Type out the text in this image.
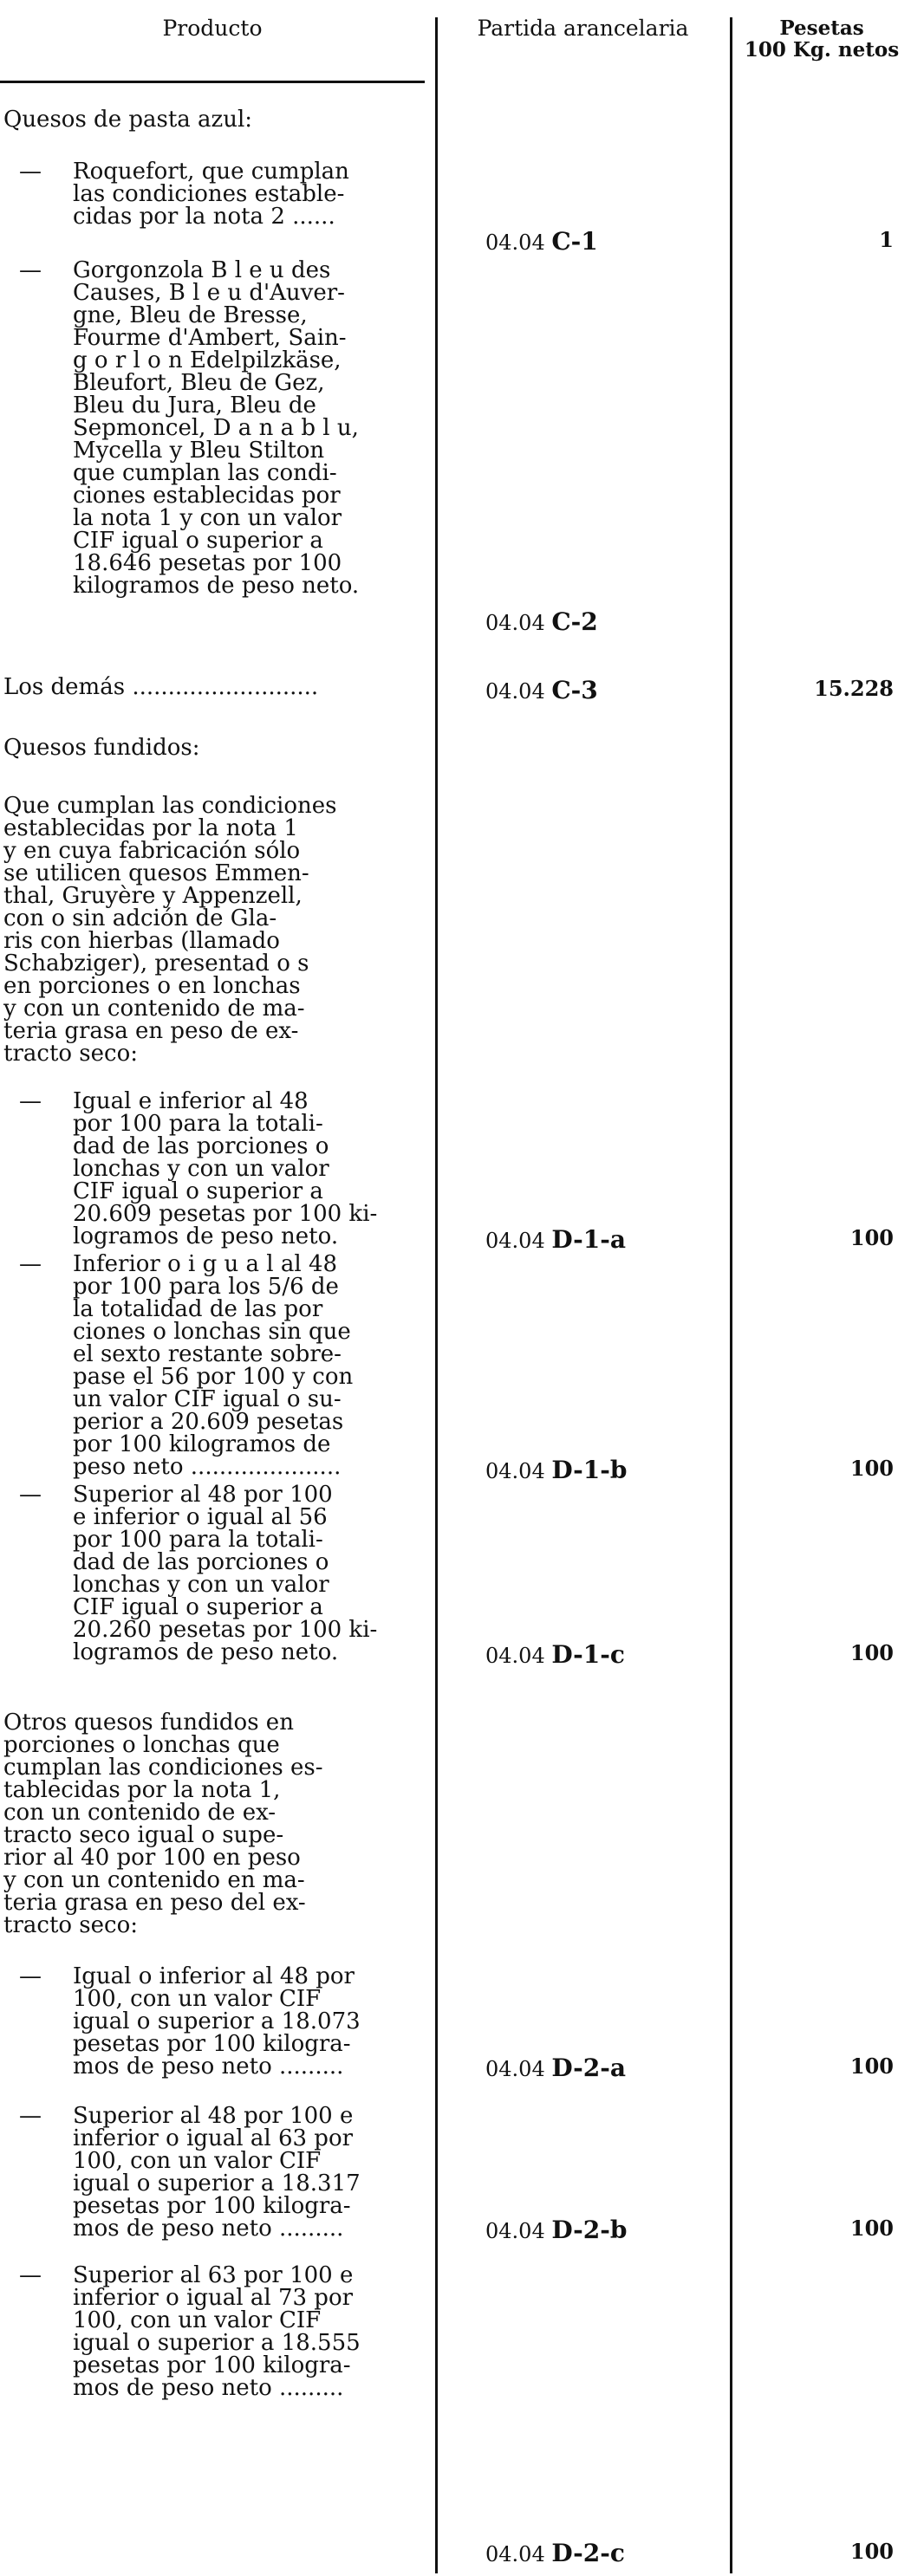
Producto	Partida arancelaria	Pesetas
100 Kg. netos
Quesos de pasta azul:
— Roquefort, que cumplan
las condiciones estable-
cidas por la nota 2 ......
04.04 C-1	1
— Gorgonzola B l e u des
Causes, B l e u d'Auver-
gne, Bleu de Bresse,
Fourme d'Ambert, Sain-
g o r l o n Edelpilzkäse,
Bleufort, Bleu de Gez,
Bleu du Jura, Bleu de
Sepmoncel, D a n a b l u,
Mycella y Bleu Stilton
que cumplan las condi-
ciones establecidas por
la nota 1 y con un valor
CIF igual o superior a
18.646 pesetas por 100
kilogramos de peso neto.
04.04 C-2
Los demás ..........................	04.04 C-3	15.228
Quesos fundidos:
Que cumplan las condiciones
establecidas por la nota 1
y en cuya fabricación sólo
se utilicen quesos Emmen-
thal, Gruyère y Appenzell,
con o sin adción de Gla-
ris con hierbas (llamado
Schabziger), presentad o s
en porciones o en lonchas
y con un contenido de ma-
teria grasa en peso de ex-
tracto seco:
— Igual e inferior al 48
por 100 para la totali-
dad de las porciones o
lonchas y con un valor
CIF igual o superior a
20.609 pesetas por 100 ki-
logramos de peso neto.	04.04 D-1-a	100
— Inferior o i g u a l al 48
por 100 para los 5/6 de
la totalidad de las por
ciones o lonchas sin que
el sexto restante sobre-
pase el 56 por 100 y con
un valor CIF igual o su-
perior a 20.609 pesetas
por 100 kilogramos de
peso neto .....................	04.04 D-1-b	100
— Superior al 48 por 100
e inferior o igual al 56
por 100 para la totali-
dad de las porciones o
lonchas y con un valor
CIF igual o superior a
20.260 pesetas por 100 ki-
logramos de peso neto.	04.04 D-1-c	100
Otros quesos fundidos en
porciones o lonchas que
cumplan las condiciones es-
tablecidas por la nota 1,
con un contenido de ex-
tracto seco igual o supe-
rior al 40 por 100 en peso
y con un contenido en ma-
teria grasa en peso del ex-
tracto seco:
— Igual o inferior al 48 por
100, con un valor CIF
igual o superior a 18.073
pesetas por 100 kilogra-
mos de peso neto .........	04.04 D-2-a	100
— Superior al 48 por 100 e
inferior o igual al 63 por
100, con un valor CIF
igual o superior a 18.317
pesetas por 100 kilogra-
mos de peso neto .........	04.04 D-2-b	100
— Superior al 63 por 100 e
inferior o igual al 73 por
100, con un valor CIF
igual o superior a 18.555
pesetas por 100 kilogra-
mos de peso neto .........
04.04 D-2-c	100
